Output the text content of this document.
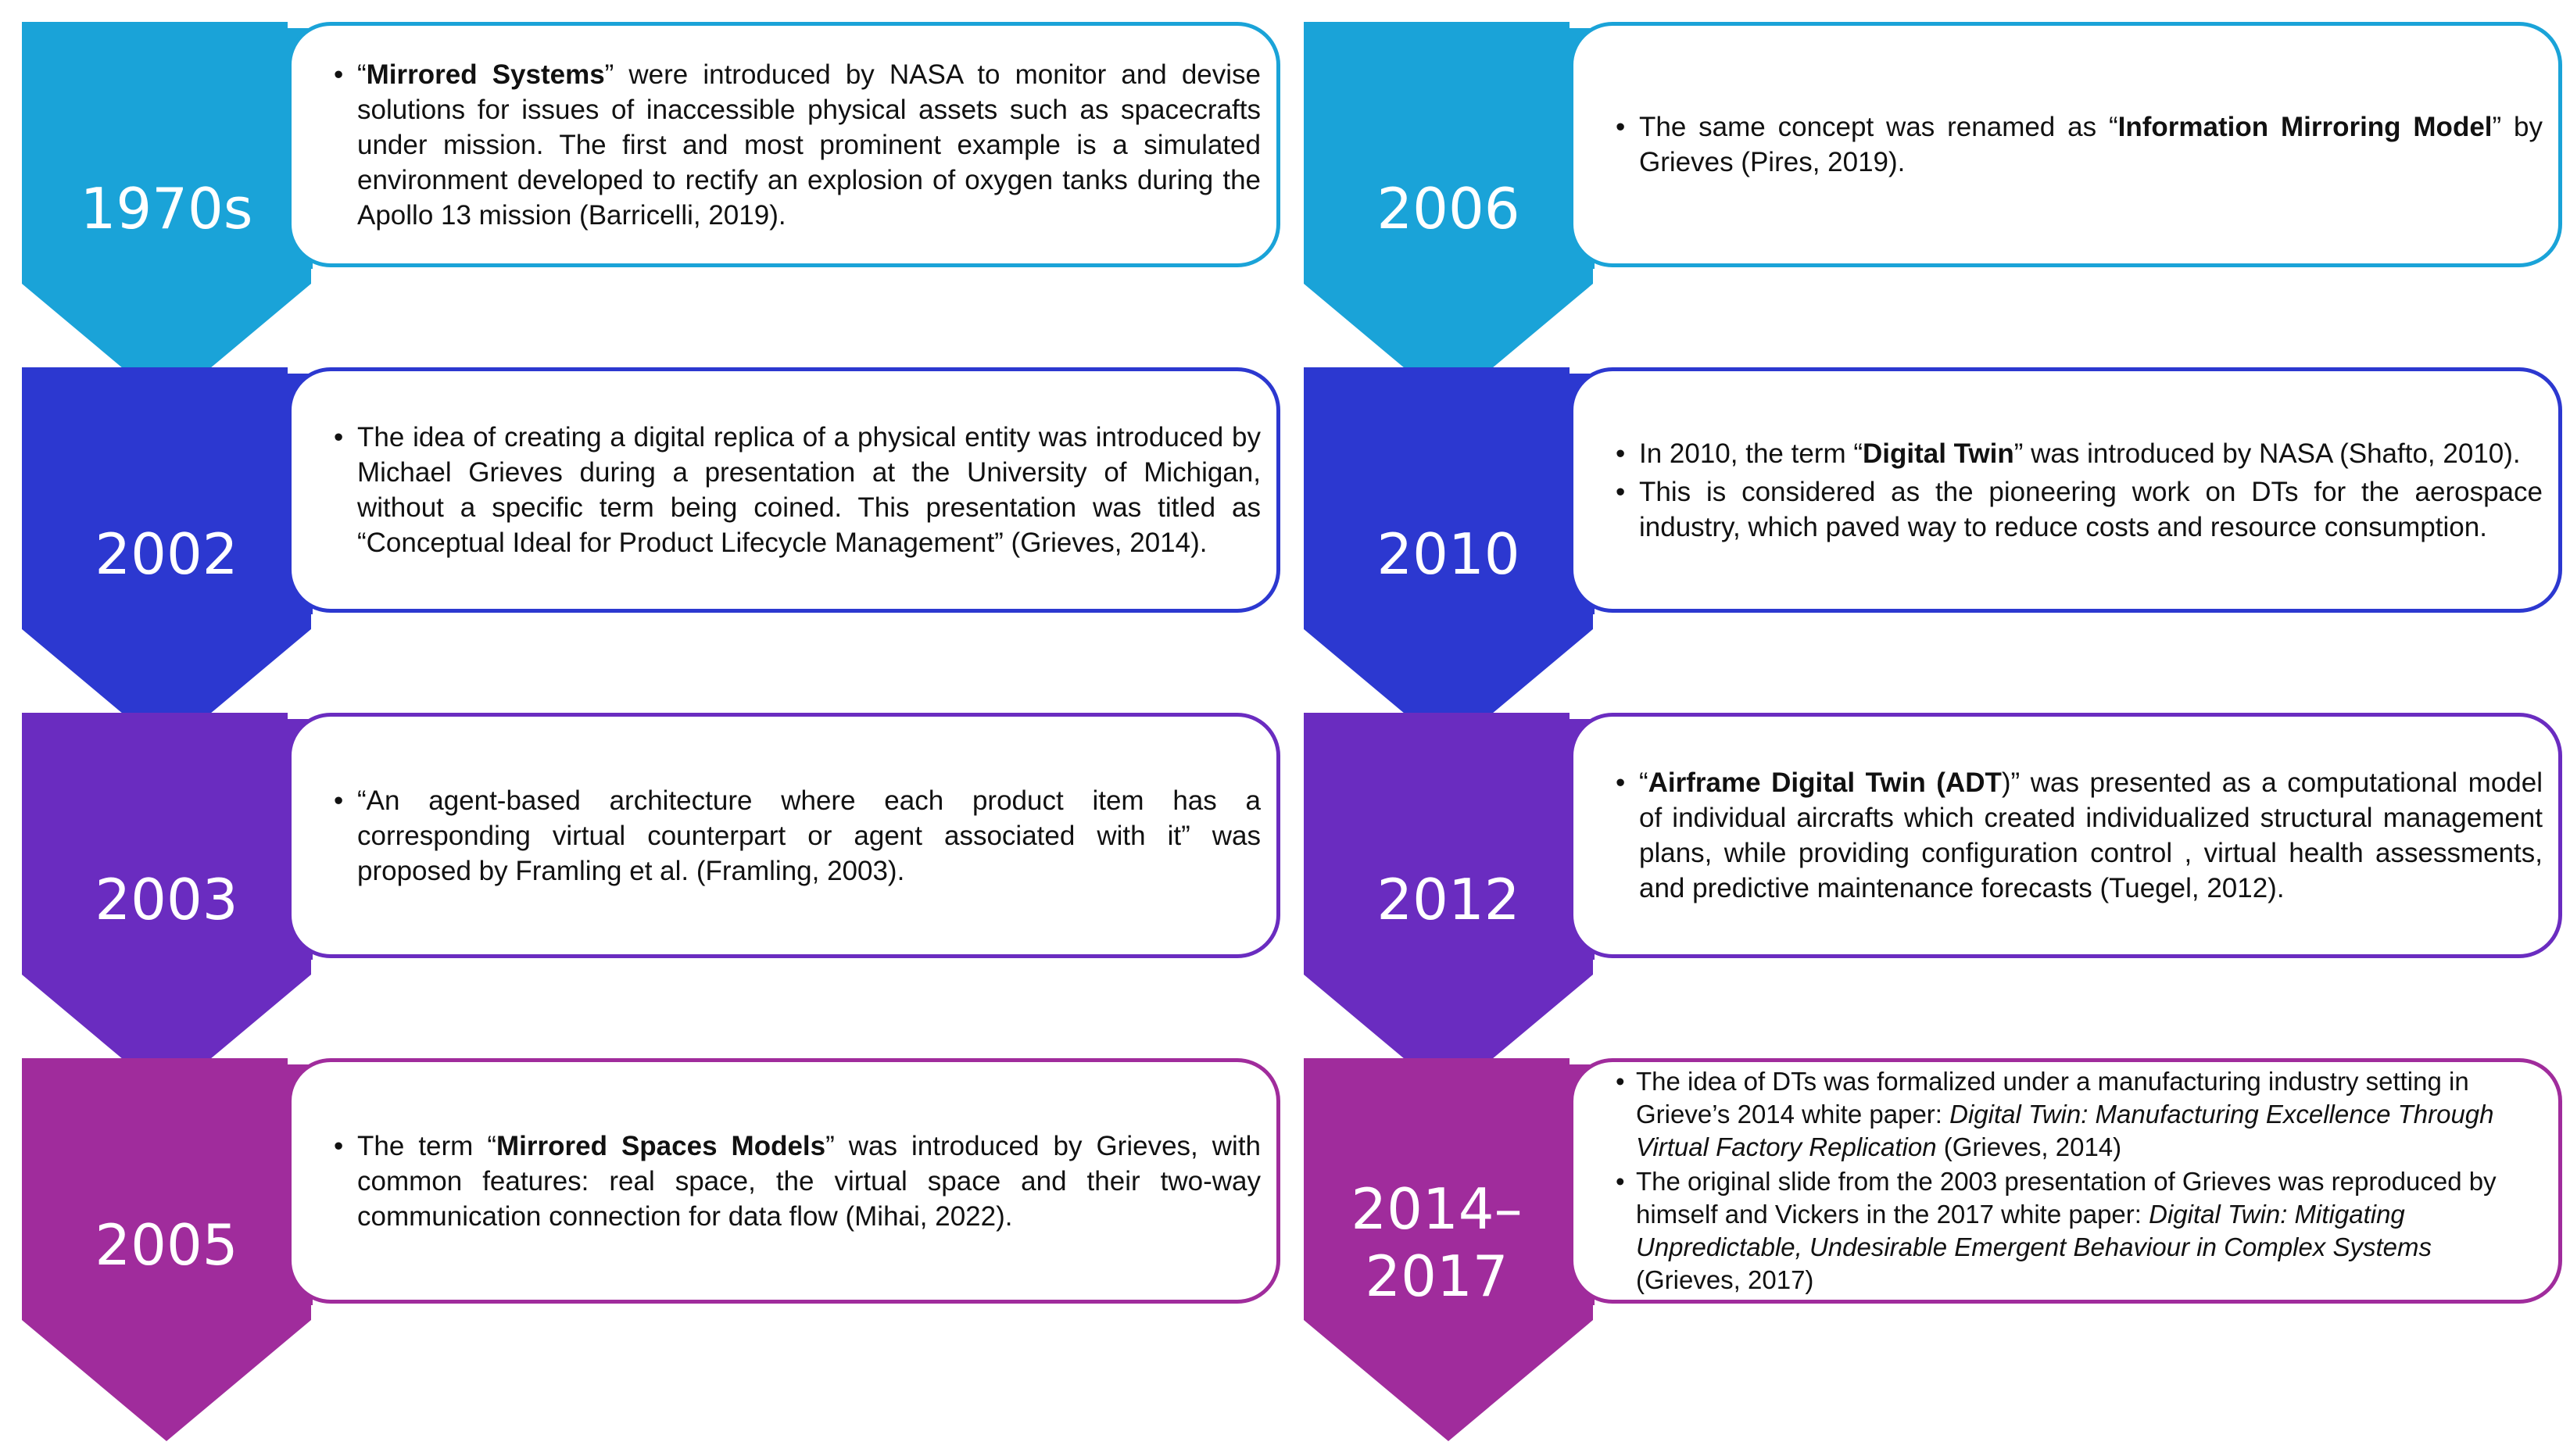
1970s
• “Mirrored Systems” were introduced by NASA to monitor and devise solutions for issues of inaccessible physical assets such as spacecrafts under mission. The first and most prominent example is a simulated environment developed to rectify an explosion of oxygen tanks during the Apollo 13 mission (Barricelli, 2019).	2006
• The same concept was renamed as “Information Mirroring Model” by Grieves (Pires, 2019).
2002
• The idea of creating a digital replica of a physical entity was introduced by Michael Grieves during a presentation at the University of Michigan, without a specific term being coined. This presentation was titled as “Conceptual Ideal for Product Lifecycle Management” (Grieves, 2014).	2010
• In 2010, the term “Digital Twin” was introduced by NASA (Shafto, 2010).
• This is considered as the pioneering work on DTs for the aerospace industry, which paved way to reduce costs and resource consumption.
2003
• “An agent-based architecture where each product item has a corresponding virtual counterpart or agent associated with it” was proposed by Framling et al. (Framling, 2003).	2012
• “Airframe Digital Twin (ADT)” was presented as a computational model of individual aircrafts which created individualized structural management plans, while providing configuration control , virtual health assessments, and predictive maintenance forecasts (Tuegel, 2012).
2005
• The term “Mirrored Spaces Models” was introduced by Grieves, with common features: real space, the virtual space and their two-way communication connection for data flow (Mihai, 2022).	2014–
2017
• The idea of DTs was formalized under a manufacturing industry setting in Grieve’s 2014 white paper: Digital Twin: Manufacturing Excellence Through Virtual Factory Replication (Grieves, 2014)
• The original slide from the 2003 presentation of Grieves was reproduced by himself and Vickers in the 2017 white paper: Digital Twin: Mitigating Unpredictable, Undesirable Emergent Behaviour in Complex Systems (Grieves, 2017)
